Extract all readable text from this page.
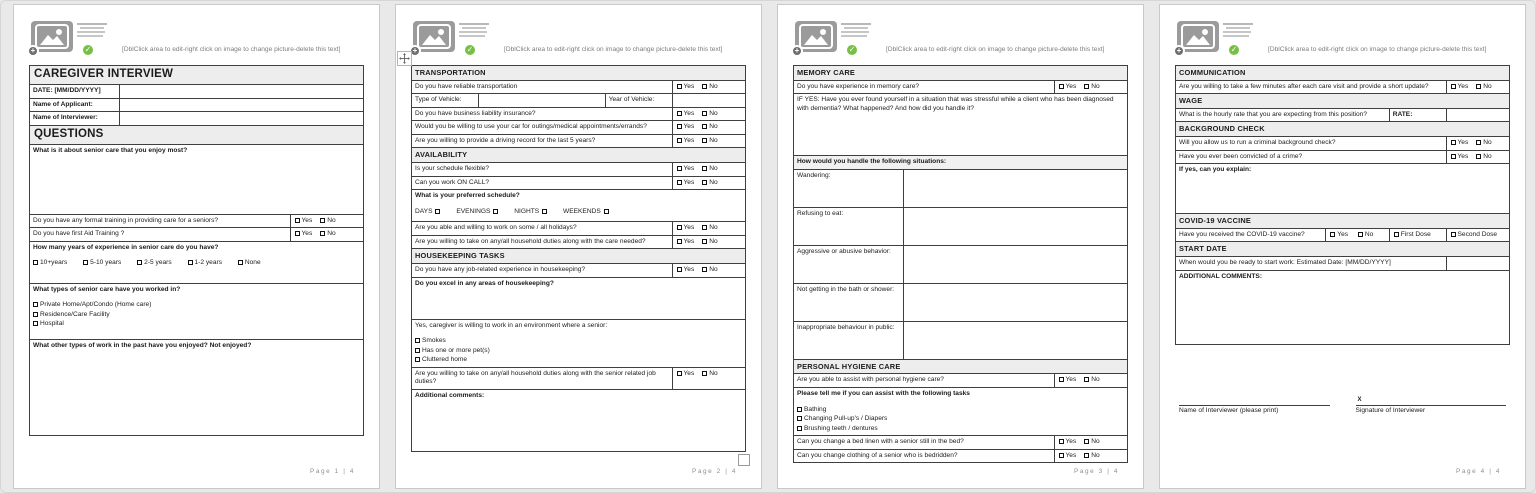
+	✓	[DblClick area to edit-right click on image to change picture-delete this text]
CAREGIVER INTERVIEW		
DATE: [MM/DD/YYYY]		
Name of Applicant:		
Name of Interviewer:		
QUESTIONS		
What is it about senior care that you enjoy most?		
Do you have any formal training in providing care for a seniors?		Yes No
Do you have first Aid Training ?		Yes No
How many years of experience in senior care do you have?
10+years 5-10 years 2-5 years 1-2 years None		

What types of senior care have you worked in?
Private Home/Apt/Condo (Home care)
Residence/Care Facility
Hospital		

What other types of work in the past have you enjoyed? Not enjoyed?		
Page 1 | 4
+	✓	[DblClick area to edit-right click on image to change picture-delete this text]
TRANSPORTATION			
Do you have reliable transportation			Yes No
Type of Vehicle:		Year of Vehicle:	
Do you have business liability insurance?			Yes No
Would you be willing to use your car for outings/medical appointments/errands?			Yes No
Are you willing to provide a driving record for the last 5 years?			Yes No
AVAILABILITY			
Is your schedule flexible?			Yes No
Can you work ON CALL?			Yes No
What is your preferred schedule?
DAYS EVENINGS NIGHTS WEEKENDS			

Are you able and willing to work on some / all holidays?			Yes No
Are you willing to take on any/all household duties along with the care needed?			Yes No
HOUSEKEEPING TASKS			
Do you have any job-related experience in housekeeping?			Yes No
Do you excel in any areas of housekeeping?			
Yes, caregiver is willing to work in an environment where a senior:
Smokes
Has one or more pet(s)
Cluttered home			

Are you willing to take on any/all household duties along with the senior related job duties?			Yes No
Additional comments:			
Page 2 | 4
+	✓	[DblClick area to edit-right click on image to change picture-delete this text]
MEMORY CARE		
Do you have experience in memory care?		Yes No
IF YES: Have you ever found yourself in a situation that was stressful while a client who has been diagnosed with dementia? What happened? And how did you handle it?		
How would you handle the following situations:		
Wandering:		
Refusing to eat:		
Aggressive or abusive behavior:		
Not getting in the bath or shower:		
Inappropriate behaviour in public:		
PERSONAL HYGIENE CARE		
Are you able to assist with personal hygiene care?		Yes No
Please tell me if you can assist with the following tasks
Bathing
Changing Pull-up's / Diapers
Brushing teeth / dentures		

Can you change a bed linen with a senior still in the bed?		Yes No
Can you change clothing of a senior who is bedridden?		Yes No
Page 3 | 4
+	✓	[DblClick area to edit-right click on image to change picture-delete this text]
COMMUNICATION			
Are you willing to take a few minutes after each care visit and provide a short update?			Yes No
WAGE			
What is the hourly rate that you are expecting from this position?		RATE:	
BACKGROUND CHECK			
Will you allow us to run a criminal background check?			Yes No
Have you ever been convicted of a crime?			Yes No
If yes, can you explain:			
COVID-19 VACCINE			
Have you received the COVID-19 vaccine?	Yes No	First Dose	Second Dose
START DATE			
When would you be ready to start work: Estimated Date: [MM/DD/YYYY]			
ADDITIONAL COMMENTS:			
Name of Interviewer (please print)
X
Signature of Interviewer
Page 4 | 4
